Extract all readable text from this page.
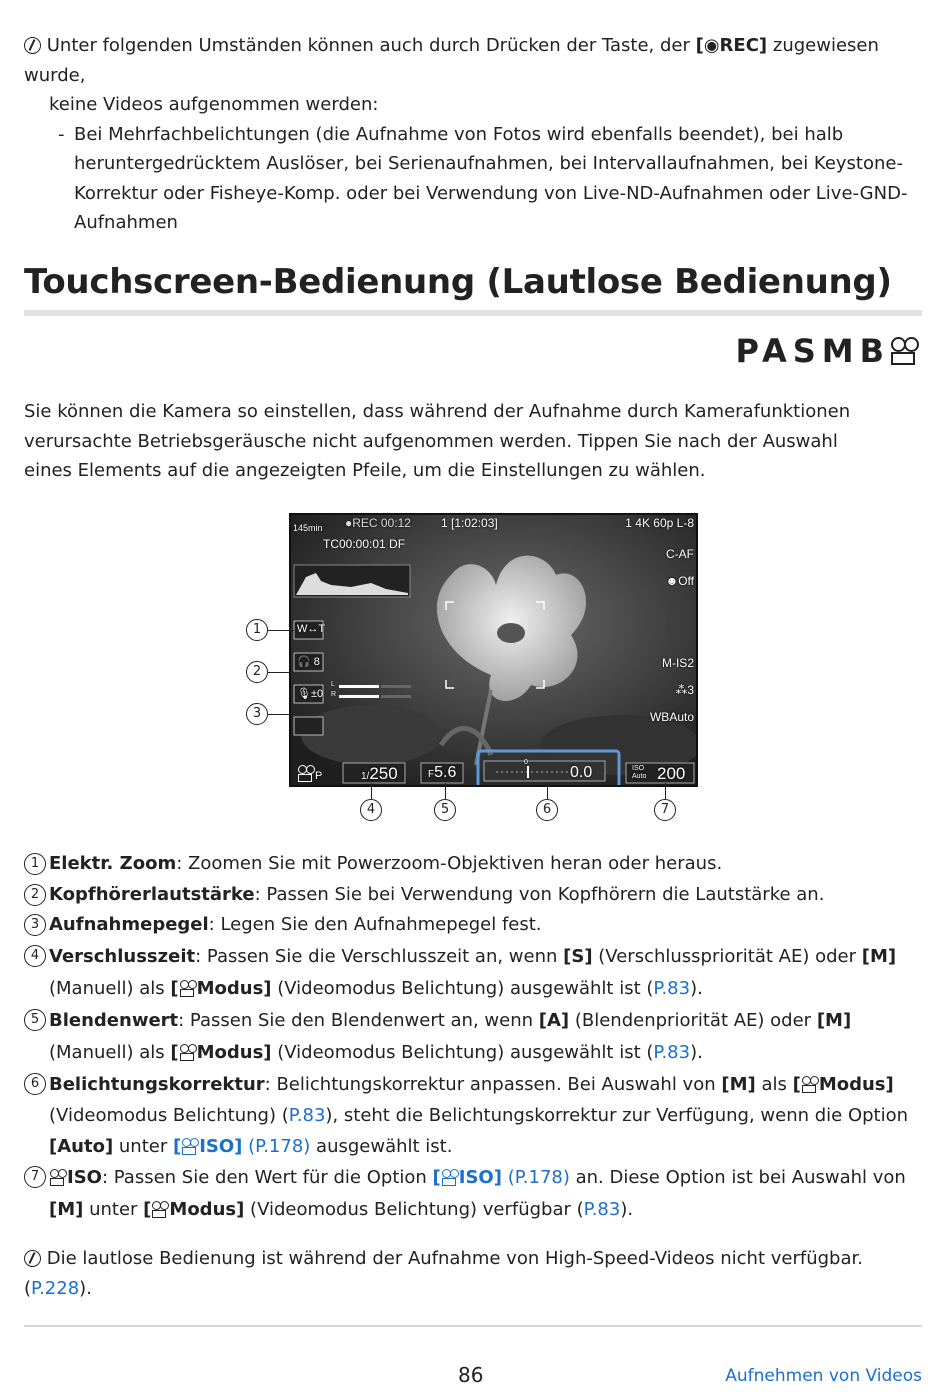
Unter folgenden Umständen können auch durch Drücken der Taste, der [◉REC] zugewiesen wurde,
keine Videos aufgenommen werden:
- Bei Mehrfachbelichtungen (die Aufnahme von Fotos wird ebenfalls beendet), bei halb heruntergedrücktem Auslöser, bei Serienaufnahmen, bei Intervallaufnahmen, bei Keystone-Korrektur oder Fisheye-Komp. oder bei Verwendung von Live-ND-Aufnahmen oder Live-GND-Aufnahmen
Touchscreen-Bedienung (Lautlose Bedienung)
PASMB
Sie können die Kamera so einstellen, dass während der Aufnahme durch Kamerafunktionen verursachte Betriebsgeräusche nicht aufgenommen werden. Tippen Sie nach der Auswahl eines Elements auf die angezeigten Pfeile, um die Einstellungen zu wählen.
145min ●REC 00:12	1 [1:02:03]	1 4K 60p L-8
TC00:00:01 DF
C-AF
☻Off
M-IS2
⁂3
WBAuto
W↔T
🎧 8
🎙±0
L
R
P	1/250	F5.6
0
0.0	ISO Auto 200
1
2
3
4	5	6	7
1 Elektr. Zoom: Zoomen Sie mit Powerzoom-Objektiven heran oder heraus.
2 Kopfhörerlautstärke: Passen Sie bei Verwendung von Kopfhörern die Lautstärke an.
3 Aufnahmepegel: Legen Sie den Aufnahmepegel fest.
4 Verschlusszeit: Passen Sie die Verschlusszeit an, wenn [S] (Verschlusspriorität AE) oder [M] (Manuell) als [ Modus] (Videomodus Belichtung) ausgewählt ist (P.83).
5 Blendenwert: Passen Sie den Blendenwert an, wenn [A] (Blendenpriorität AE) oder [M] (Manuell) als [ Modus] (Videomodus Belichtung) ausgewählt ist (P.83).
6 Belichtungskorrektur: Belichtungskorrektur anpassen. Bei Auswahl von [M] als [ Modus] (Videomodus Belichtung) (P.83), steht die Belichtungskorrektur zur Verfügung, wenn die Option [Auto] unter [ ISO] (P.178) ausgewählt ist.
7	ISO: Passen Sie den Wert für die Option [ ISO] (P.178) an. Diese Option ist bei Auswahl von [M] unter [ Modus] (Videomodus Belichtung) verfügbar (P.83).
Die lautlose Bedienung ist während der Aufnahme von High-Speed-Videos nicht verfügbar. (P.228).
86	Aufnehmen von Videos
